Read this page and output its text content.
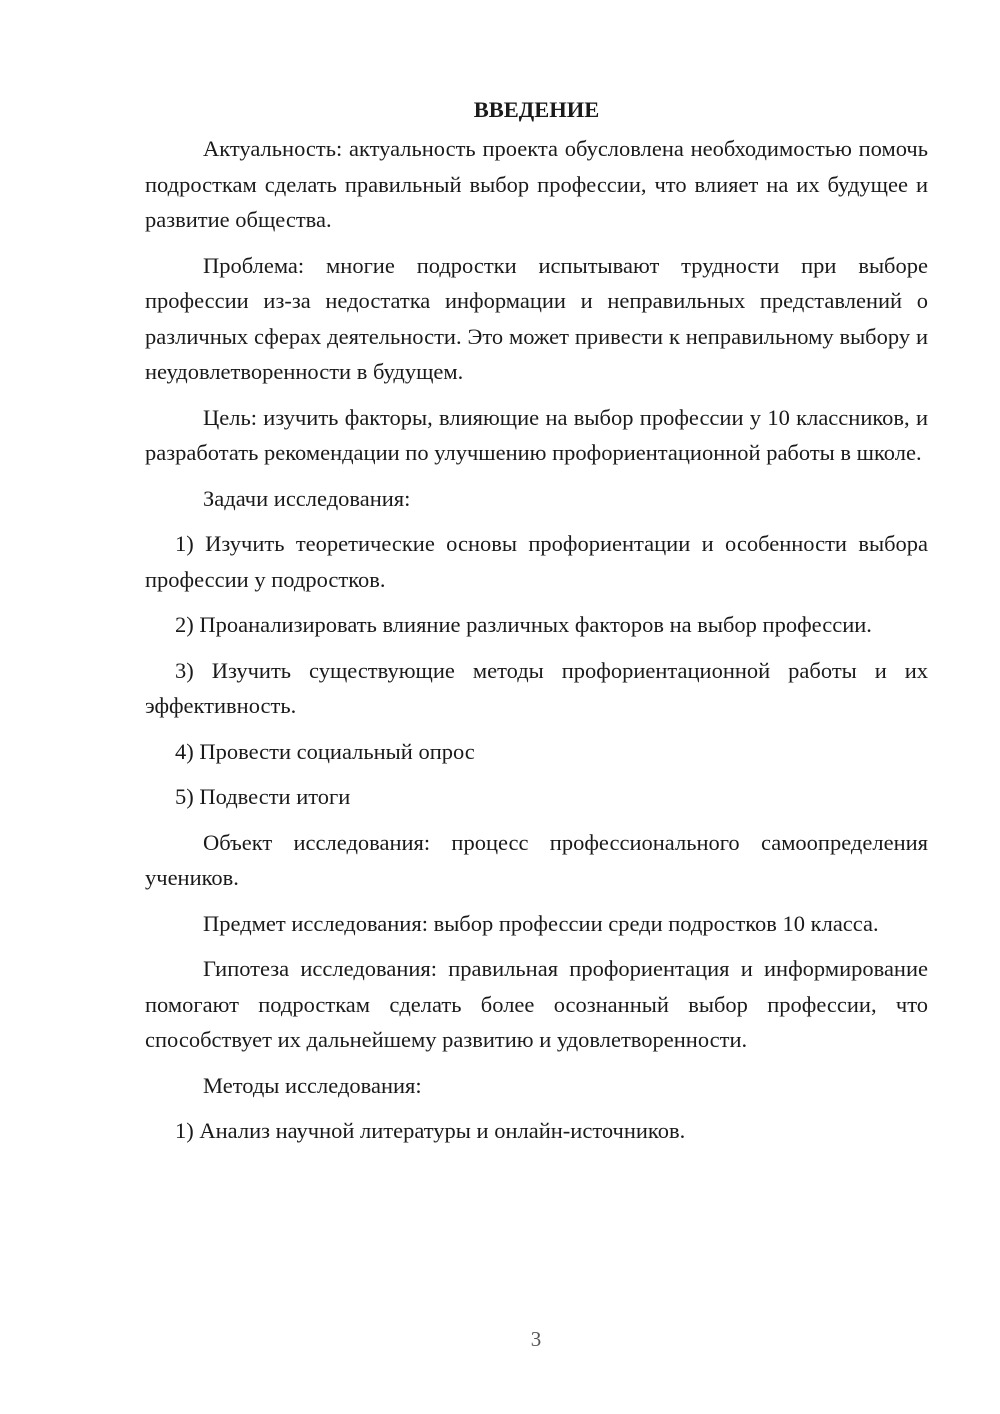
ВВЕДЕНИЕ
Актуальность: актуальность проекта обусловлена необходимостью помочь подросткам сделать правильный выбор профессии, что влияет на их будущее и развитие общества.
Проблема: многие подростки испытывают трудности при выборе профессии из-за недостатка информации и неправильных представлений о различных сферах деятельности. Это может привести к неправильному выбору и неудовлетворенности в будущем.
Цель: изучить факторы, влияющие на выбор профессии у 10 классников, и разработать рекомендации по улучшению профориентационной работы в школе.
Задачи исследования:
1) Изучить теоретические основы профориентации и особенности выбора профессии у подростков.
2) Проанализировать влияние различных факторов на выбор профессии.
3) Изучить существующие методы профориентационной работы и их эффективность.
4) Провести социальный опрос
5) Подвести итоги
Объект исследования: процесс профессионального самоопределения учеников.
Предмет исследования: выбор профессии среди подростков 10 класса.
Гипотеза исследования: правильная профориентация и информирование помогают подросткам сделать более осознанный выбор профессии, что способствует их дальнейшему развитию и удовлетворенности.
Методы исследования:
1) Анализ научной литературы и онлайн-источников.
3
